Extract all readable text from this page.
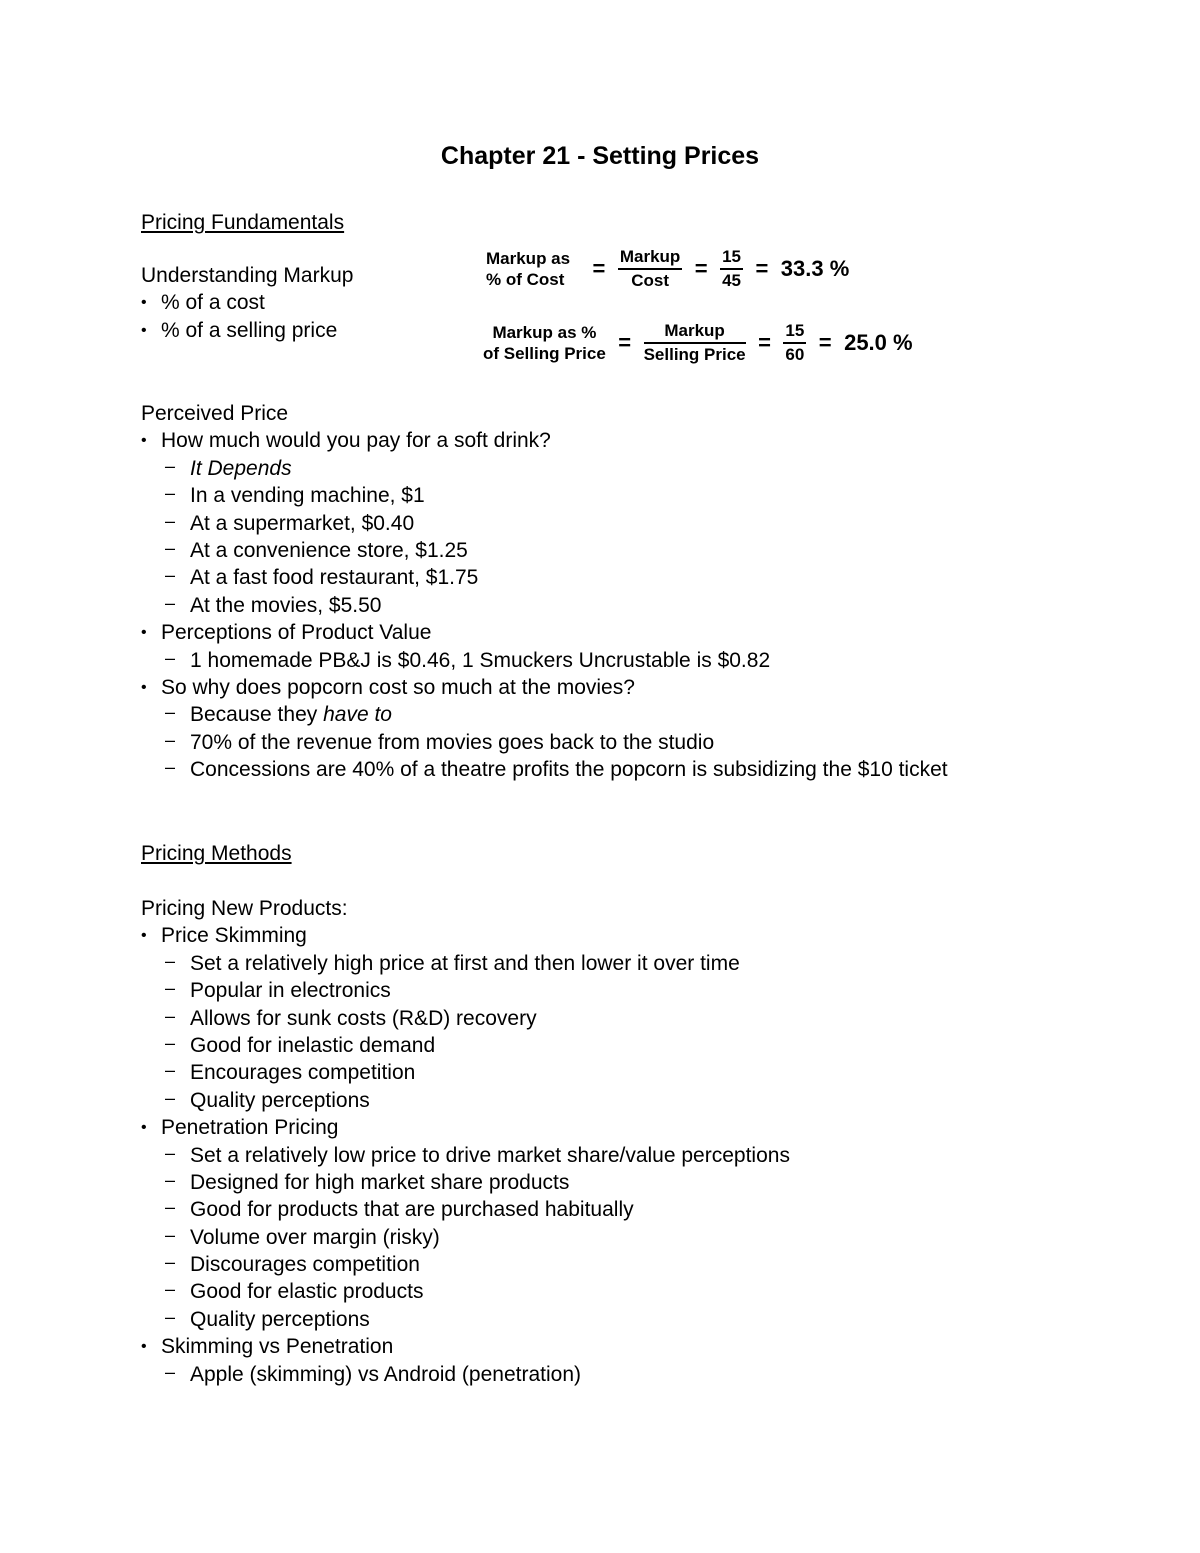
Chapter 21 - Setting Prices
Pricing Fundamentals
Understanding Markup
• % of a cost
• % of a selling price
Markup as
% of Cost = $\frac{\text{Markup}}{\text{Cost}} = \frac{15}{45} = 33.3$ %
Markup as %
of Selling Price = $\frac{\text{Markup}}{\text{Selling Price}} = \frac{15}{60} = 25.0$ %
Perceived Price
• How much would you pay for a soft drink?
– It Depends
– In a vending machine, $1
– At a supermarket, $0.40
– At a convenience store, $1.25
– At a fast food restaurant, $1.75
– At the movies, $5.50
• Perceptions of Product Value
– 1 homemade PB&J is $0.46, 1 Smuckers Uncrustable is $0.82
• So why does popcorn cost so much at the movies?
– Because they have to
– 70% of the revenue from movies goes back to the studio
– Concessions are 40% of a theatre profits the popcorn is subsidizing the $10 ticket
Pricing Methods
Pricing New Products:
• Price Skimming
– Set a relatively high price at first and then lower it over time
– Popular in electronics
– Allows for sunk costs (R&D) recovery
– Good for inelastic demand
– Encourages competition
– Quality perceptions
• Penetration Pricing
– Set a relatively low price to drive market share/value perceptions
– Designed for high market share products
– Good for products that are purchased habitually
– Volume over margin (risky)
– Discourages competition
– Good for elastic products
– Quality perceptions
• Skimming vs Penetration
– Apple (skimming) vs Android (penetration)
